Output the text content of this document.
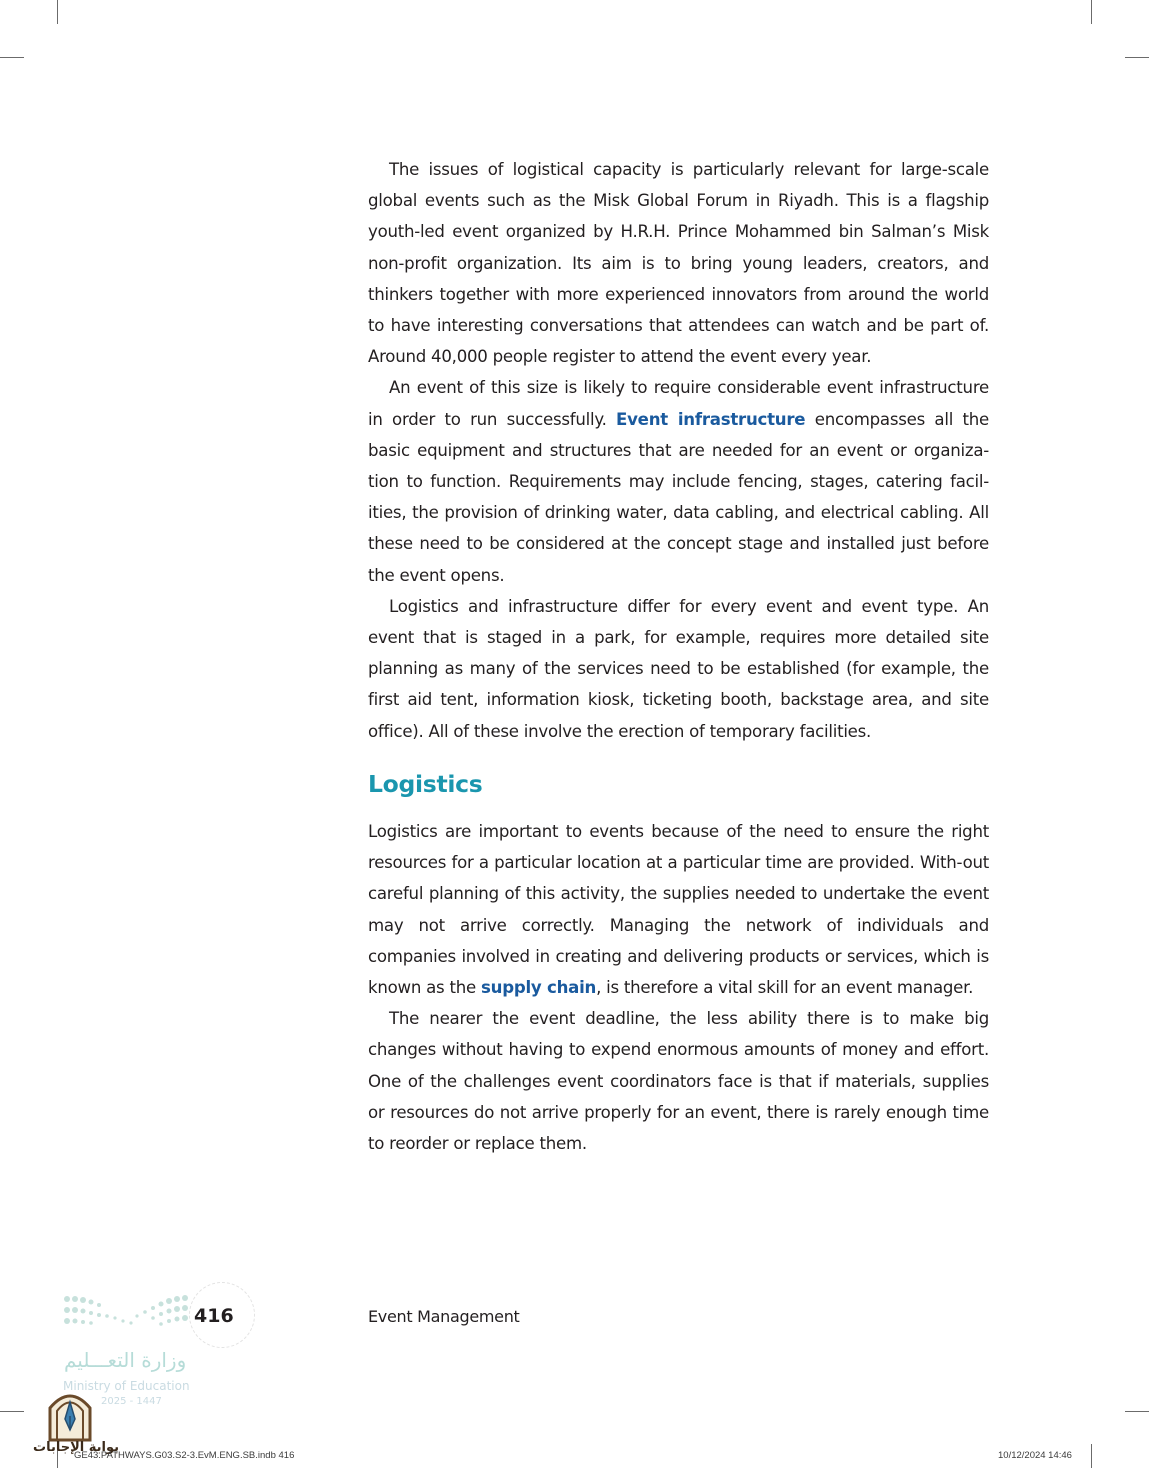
The issues of logistical capacity is particularly relevant for large-scale global events such as the Misk Global Forum in Riyadh. This is a flagship youth-led event organized by H.R.H. Prince Mohammed bin Salman’s Misk non-profit organization. Its aim is to bring young leaders, creators, and thinkers together with more experienced innovators from around the world to have interesting conversations that attendees can watch and be part of. Around 40,000 people register to attend the event every year.

An event of this size is likely to require considerable event infrastructure in order to run successfully. Event infrastructure encompasses all the basic equipment and structures that are needed for an event or organiza-tion to function. Requirements may include fencing, stages, catering facil-ities, the provision of drinking water, data cabling, and electrical cabling. All these need to be considered at the concept stage and installed just before the event opens.

Logistics and infrastructure differ for every event and event type. An event that is staged in a park, for example, requires more detailed site planning as many of the services need to be established (for example, the first aid tent, information kiosk, ticketing booth, backstage area, and site office). All of these involve the erection of temporary facilities.

Logistics

Logistics are important to events because of the need to ensure the right resources for a particular location at a particular time are provided. With-out careful planning of this activity, the supplies needed to undertake the event may not arrive correctly. Managing the network of individuals and companies involved in creating and delivering products or services, which is known as the supply chain, is therefore a vital skill for an event manager.

The nearer the event deadline, the less ability there is to make big changes without having to expend enormous amounts of money and effort. One of the challenges event coordinators face is that if materials, supplies or resources do not arrive properly for an event, there is rarely enough time to reorder or replace them.

416	Event Management
وزارة التعـــليم
Ministry of Education
2025 - 1447
بوابة الإجابات
GE43.PATHWAYS.G03.S2-3.EvM.ENG.SB.indb 416	10/12/2024 14:46
